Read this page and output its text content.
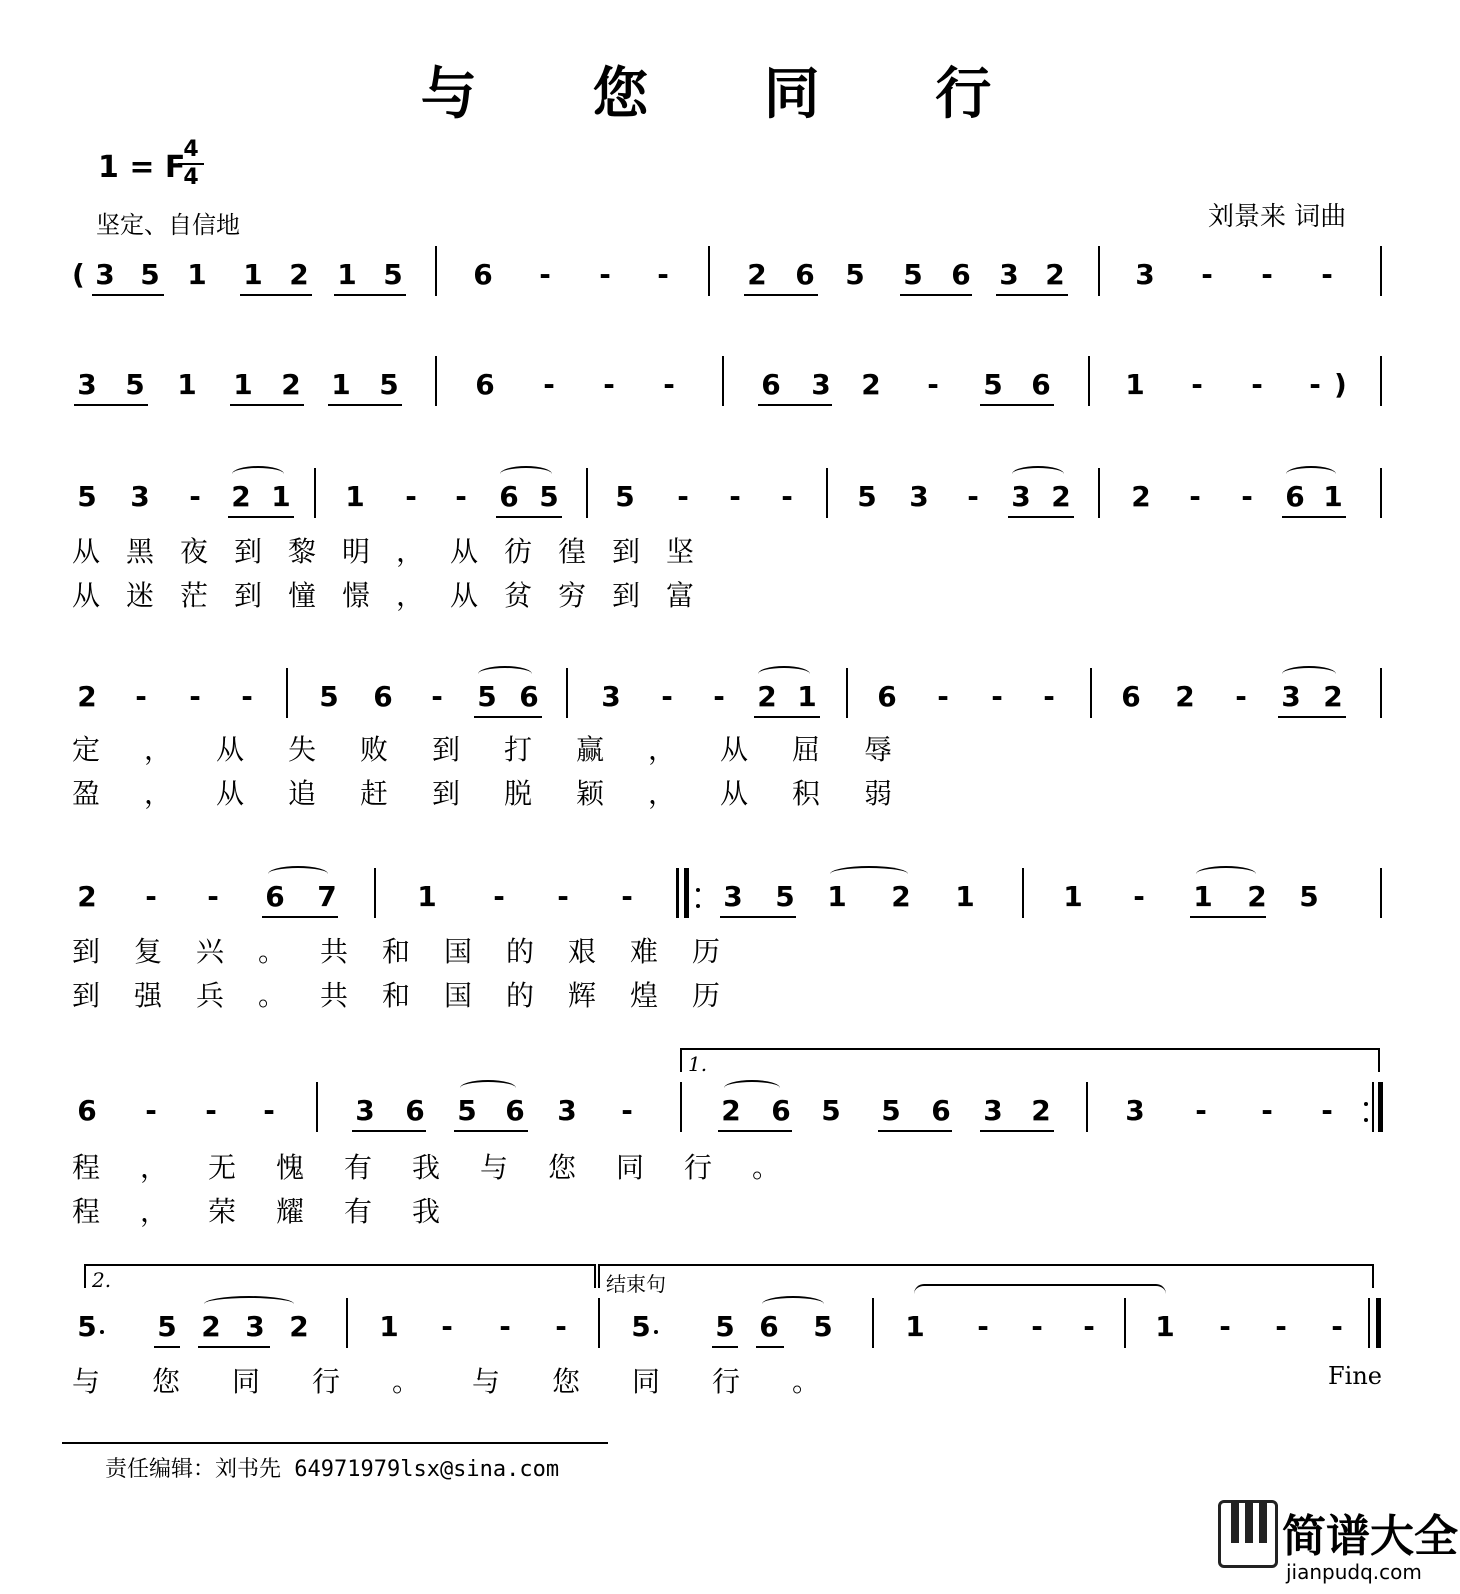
与 您 同 行
1 = F
4
4
坚定、自信地	刘景来 词曲
( 3 5 1 1 2 1 5	6	-	-	-	2 6 5 5 6 3 2	3	-	-	-
3 5 1 1 2 1 5	6	-	-	-	6 3 2	-	5 6	1	-	-	- )
5 3	-	2 1 1	-	-	6 5 5	-	-	-	5 3	-	3 2 2	-	-	6 1
从黑夜到黎明，从彷徨到坚
从迷茫到憧憬，从贫穷到富
2	-	-	-	5 6	-	5 6 3	-	-	2 1 6	-	-	-	6 2	-	3 2
定，从失败到打赢，从屈辱
盈，从追赶到脱颖，从积弱
2	-	-	6 7	1	-	-	-	3 5 1 2 1	1	-	1 2 5
到复兴。共和国的艰难历
到强兵。共和国的辉煌历
1.
6	-	-	-	3 6 5 6 3	-	2 6 5 5 6 3 2	3	-	-	-
程，无愧有我与您同行。
程，荣耀有我
2.	结束句
5 5 2 3 2	1	-	-	-	5 5 6 5	1	-	-	-	1	-	-	-
与您同行。与您同行。	Fine
责任编辑：刘书先 64971979lsx@sina.com
简谱大全
jianpudq.com
